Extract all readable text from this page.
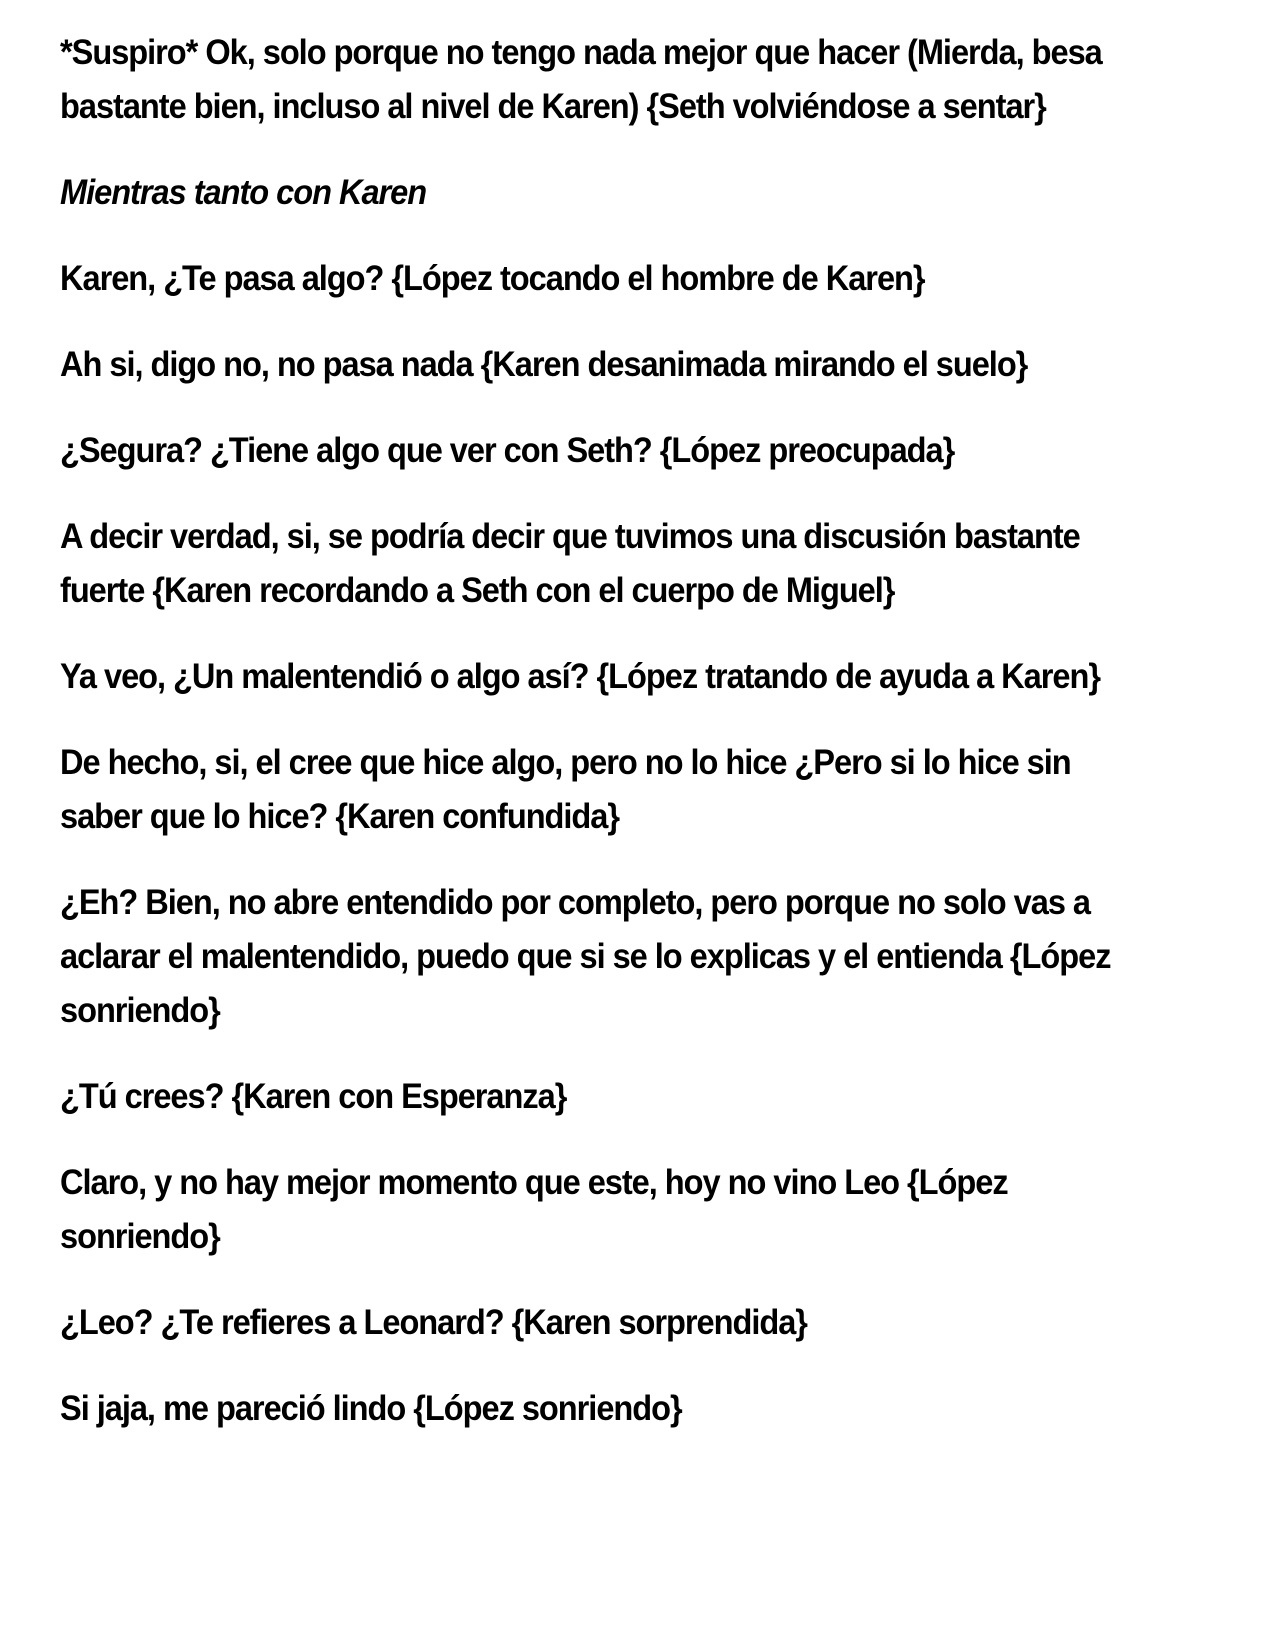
*Suspiro* Ok, solo porque no tengo nada mejor que hacer (Mierda, besa bastante bien, incluso al nivel de Karen) {Seth volviéndose a sentar}

Mientras tanto con Karen

Karen, ¿Te pasa algo? {López tocando el hombre de Karen}

Ah si, digo no, no pasa nada {Karen desanimada mirando el suelo}

¿Segura? ¿Tiene algo que ver con Seth? {López preocupada}

A decir verdad, si, se podría decir que tuvimos una discusión bastante fuerte {Karen recordando a Seth con el cuerpo de Miguel}

Ya veo, ¿Un malentendió o algo así? {López tratando de ayuda a Karen}

De hecho, si, el cree que hice algo, pero no lo hice ¿Pero si lo hice sin saber que lo hice? {Karen confundida}

¿Eh? Bien, no abre entendido por completo, pero porque no solo vas a aclarar el malentendido, puedo que si se lo explicas y el entienda {López sonriendo}

¿Tú crees? {Karen con Esperanza}

Claro, y no hay mejor momento que este, hoy no vino Leo {López sonriendo}

¿Leo? ¿Te refieres a Leonard? {Karen sorprendida}

Si jaja, me pareció lindo {López sonriendo}
